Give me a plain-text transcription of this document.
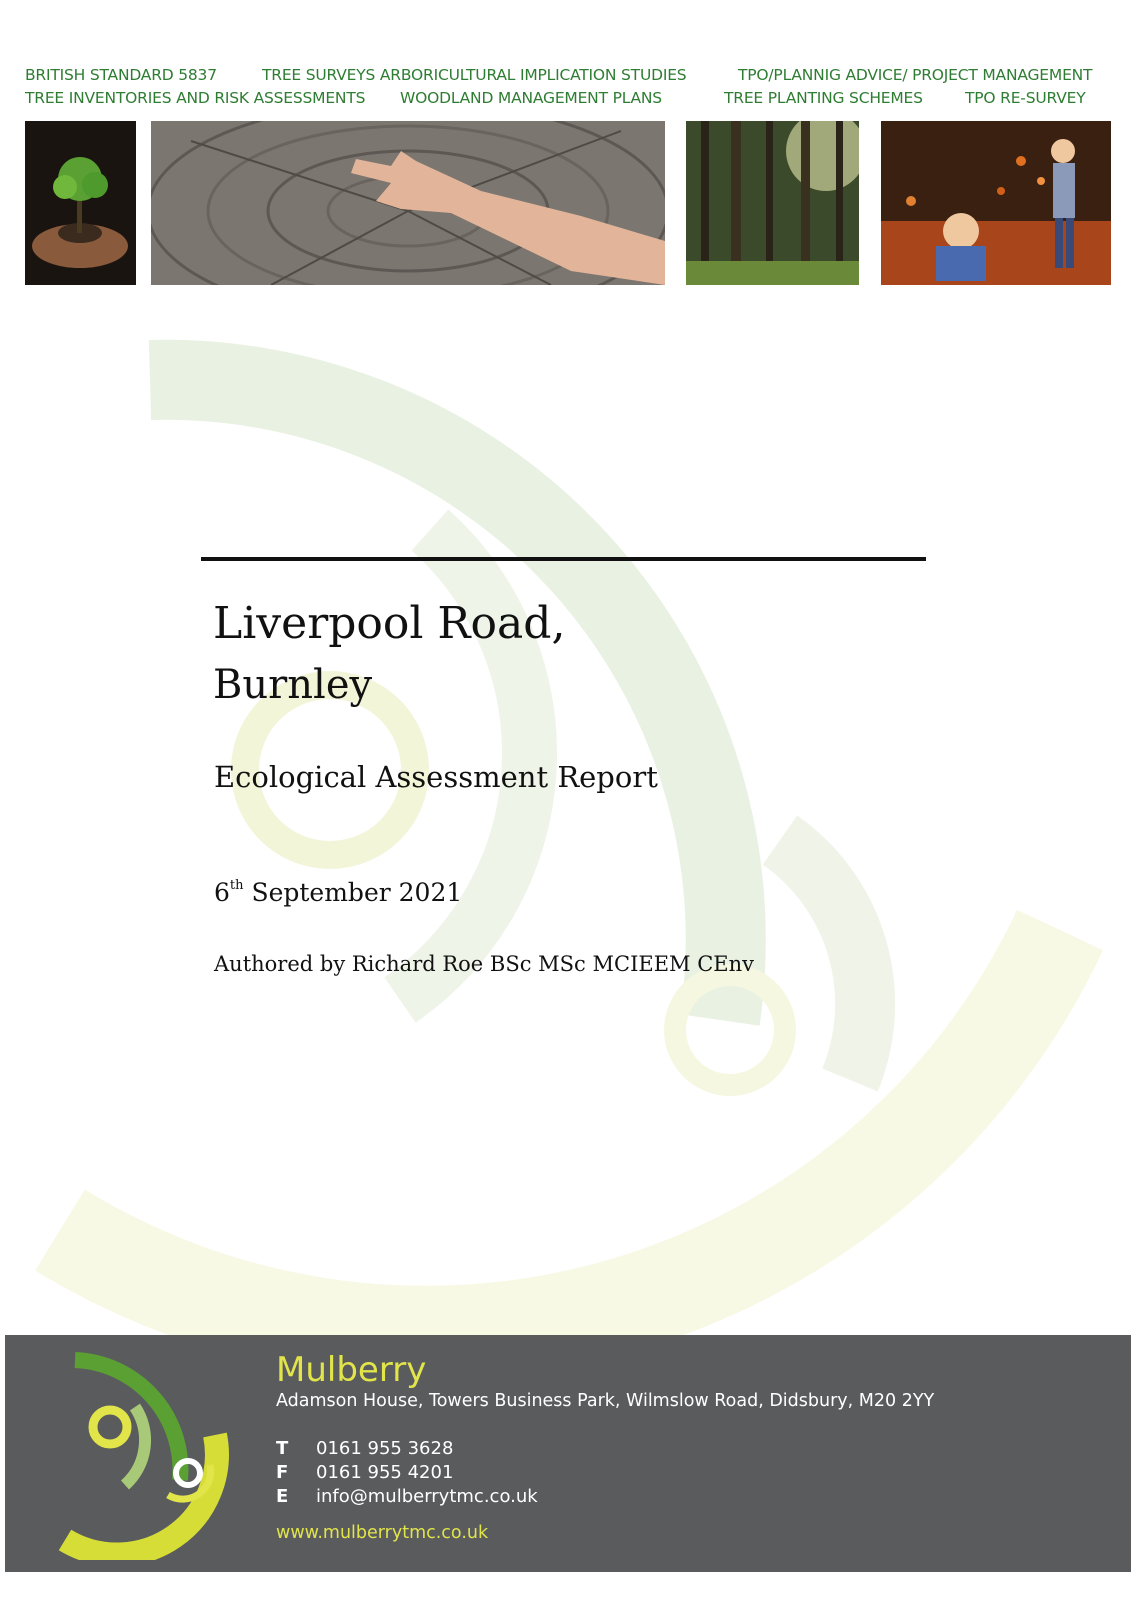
BRITISH STANDARD 5837	TREE SURVEYS ARBORICULTURAL IMPLICATION STUDIES	TPO/PLANNIG ADVICE/ PROJECT MANAGEMENT
TREE INVENTORIES AND RISK ASSESSMENTS WOODLAND MANAGEMENT PLANS	TREE PLANTING SCHEMES	TPO RE-SURVEY
Liverpool Road,
Burnley
Ecological Assessment Report
6th September 2021
Authored by Richard Roe BSc MSc MCIEEM CEnv
Mulberry
Adamson House, Towers Business Park, Wilmslow Road, Didsbury, M20 2YY
T 0161 955 3628
F 0161 955 4201
E info@mulberrytmc.co.uk
www.mulberrytmc.co.uk
